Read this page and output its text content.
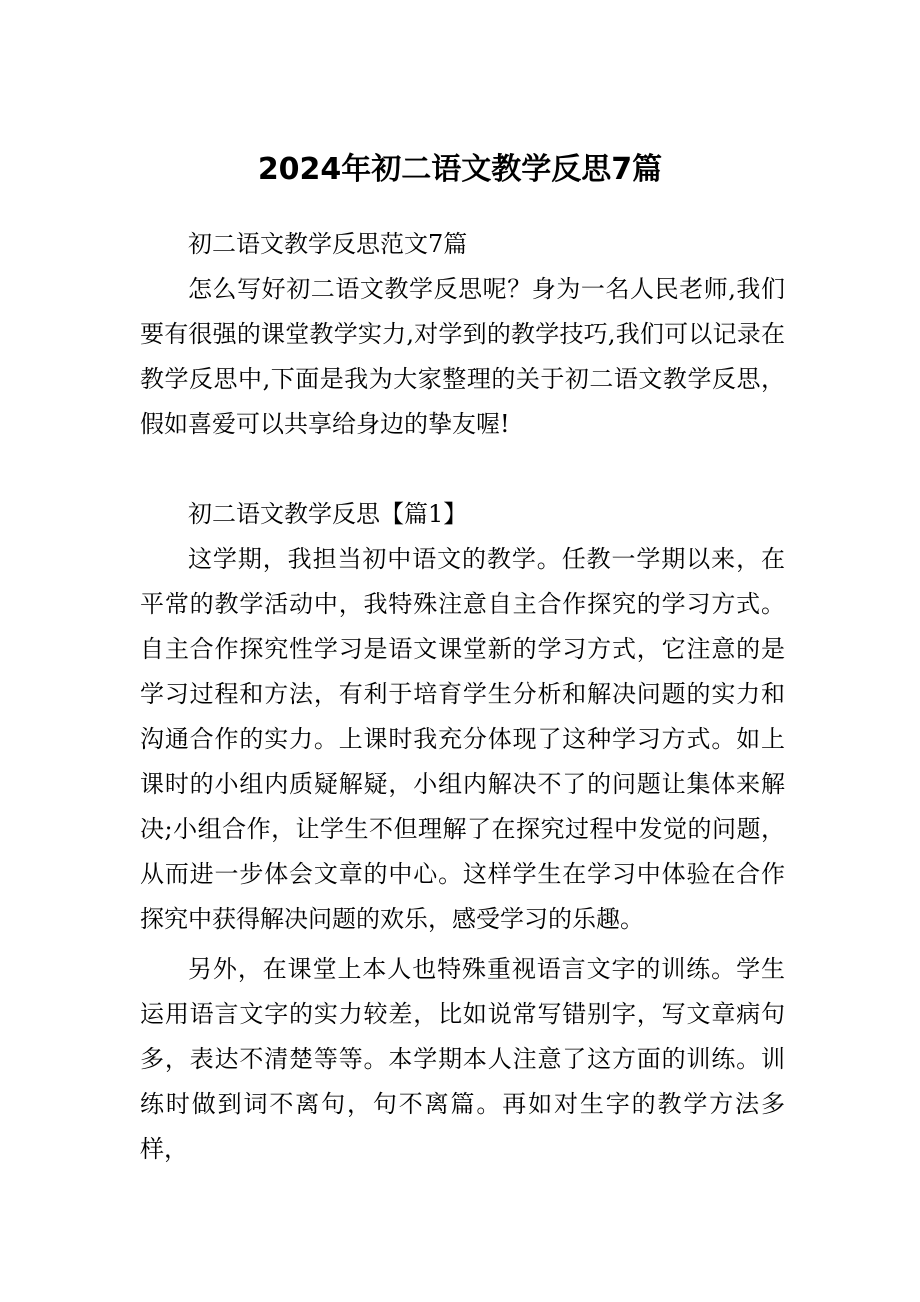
2024年初二语文教学反思7篇

初二语文教学反思范文7篇

怎么写好初二语文教学反思呢？身为一名人民老师,我们要有很强的课堂教学实力,对学到的教学技巧,我们可以记录在教学反思中,下面是我为大家整理的关于初二语文教学反思，假如喜爱可以共享给身边的挚友喔!

初二语文教学反思【篇1】

这学期，我担当初中语文的教学。任教一学期以来，在平常的教学活动中，我特殊注意自主合作探究的学习方式。自主合作探究性学习是语文课堂新的学习方式，它注意的是学习过程和方法，有利于培育学生分析和解决问题的实力和沟通合作的实力。上课时我充分体现了这种学习方式。如上课时的小组内质疑解疑，小组内解决不了的问题让集体来解决;小组合作，让学生不但理解了在探究过程中发觉的问题，从而进一步体会文章的中心。这样学生在学习中体验在合作探究中获得解决问题的欢乐，感受学习的乐趣。

另外，在课堂上本人也特殊重视语言文字的训练。学生运用语言文字的实力较差，比如说常写错别字，写文章病句多，表达不清楚等等。本学期本人注意了这方面的训练。训练时做到词不离句，句不离篇。再如对生字的教学方法多样，
